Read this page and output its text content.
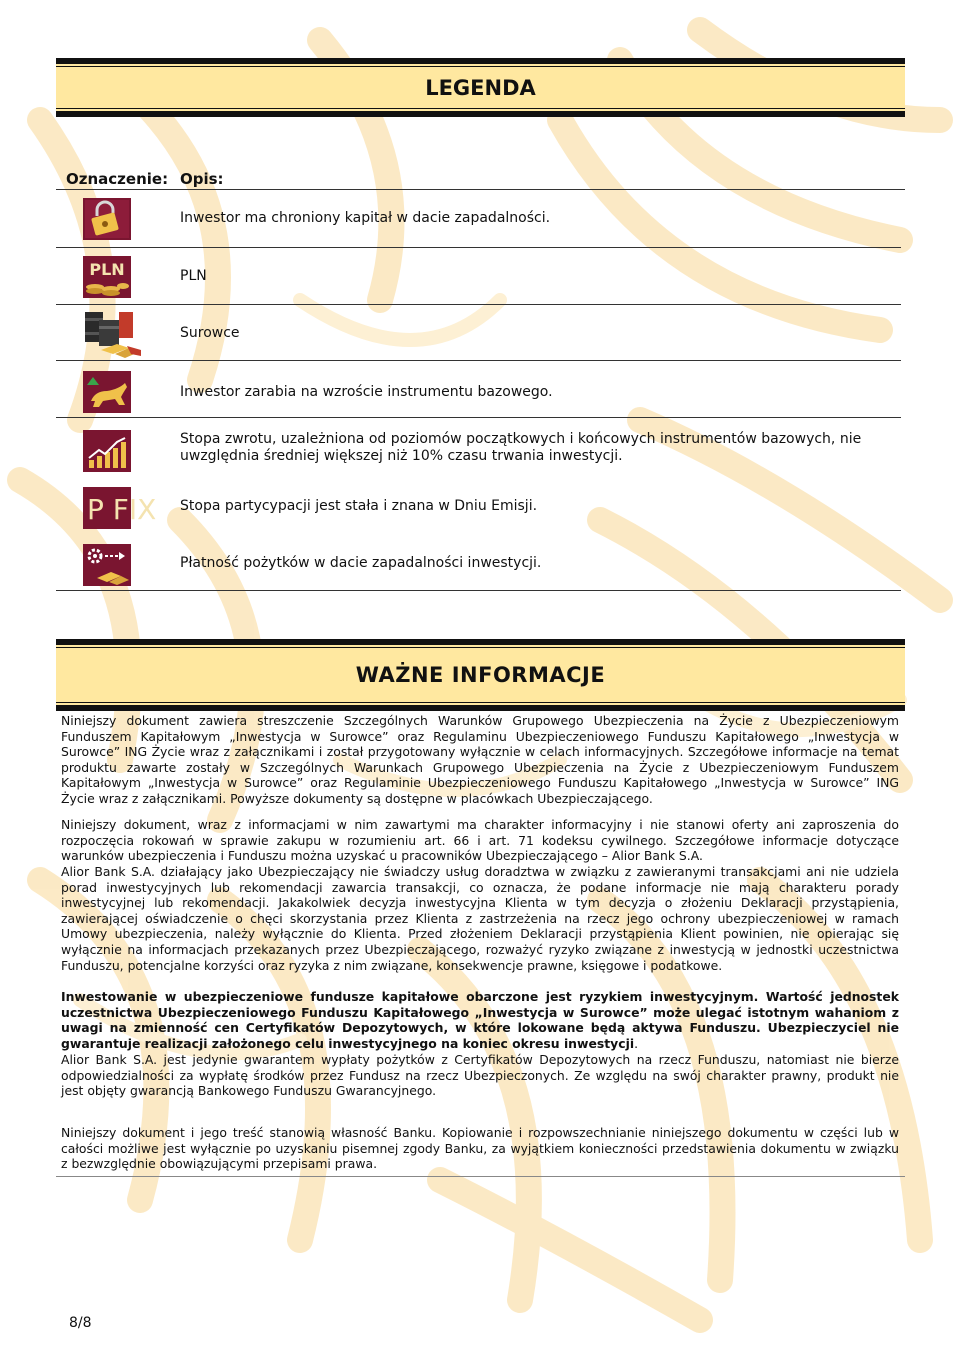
LEGENDA
Oznaczenie: Opis:
Inwestor ma chroniony kapitał w dacie zapadalności.
PLN	PLN
Surowce
Inwestor zarabia na wzroście instrumentu bazowego.
Stopa zwrotu, uzależniona od poziomów początkowych i końcowych instrumentów bazowych, nie uwzględnia średniej większej niż 10% czasu trwania inwestycji.
P FIX Stopa partycypacji jest stała i znana w Dniu Emisji.
Płatność pożytków w dacie zapadalności inwestycji.
WAŻNE INFORMACJE

Niniejszy dokument zawiera streszczenie Szczególnych Warunków Grupowego Ubezpieczenia na Życie z Ubezpieczeniowym Funduszem Kapitałowym „Inwestycja w Surowce” oraz Regulaminu Ubezpieczeniowego Funduszu Kapitałowego „Inwestycja w Surowce” ING Życie wraz z załącznikami i został przygotowany wyłącznie w celach informacyjnych. Szczegółowe informacje na temat produktu zawarte zostały w Szczególnych Warunkach Grupowego Ubezpieczenia na Życie z Ubezpieczeniowym Funduszem Kapitałowym „Inwestycja w Surowce” oraz Regulaminie Ubezpieczeniowego Funduszu Kapitałowego „Inwestycja w Surowce” ING Życie wraz z załącznikami. Powyższe dokumenty są dostępne w placówkach Ubezpieczającego.

Niniejszy dokument, wraz z informacjami w nim zawartymi ma charakter informacyjny i nie stanowi oferty ani zaproszenia do rozpoczęcia rokowań w sprawie zakupu w rozumieniu art. 66 i art. 71 kodeksu cywilnego. Szczegółowe informacje dotyczące warunków ubezpieczenia i Funduszu można uzyskać u pracowników Ubezpieczającego – Alior Bank S.A.

Alior Bank S.A. działający jako Ubezpieczający nie świadczy usług doradztwa w związku z zawieranymi transakcjami ani nie udziela porad inwestycyjnych lub rekomendacji zawarcia transakcji, co oznacza, że podane informacje nie mają charakteru porady inwestycyjnej lub rekomendacji. Jakakolwiek decyzja inwestycyjna Klienta w tym decyzja o złożeniu Deklaracji przystąpienia, zawierającej oświadczenie o chęci skorzystania przez Klienta z zastrzeżenia na rzecz jego ochrony ubezpieczeniowej w ramach Umowy ubezpieczenia, należy wyłącznie do Klienta. Przed złożeniem Deklaracji przystąpienia Klient powinien, nie opierając się wyłącznie na informacjach przekazanych przez Ubezpieczającego, rozważyć ryzyko związane z inwestycją w jednostki uczestnictwa Funduszu, potencjalne korzyści oraz ryzyka z nim związane, konsekwencje prawne, księgowe i podatkowe.

Inwestowanie w ubezpieczeniowe fundusze kapitałowe obarczone jest ryzykiem inwestycyjnym. Wartość jednostek uczestnictwa Ubezpieczeniowego Funduszu Kapitałowego „Inwestycja w Surowce” może ulegać istotnym wahaniom z uwagi na zmienność cen Certyfikatów Depozytowych, w które lokowane będą aktywa Funduszu. Ubezpieczyciel nie gwarantuje realizacji założonego celu inwestycyjnego na koniec okresu inwestycji.

Alior Bank S.A. jest jedynie gwarantem wypłaty pożytków z Certyfikatów Depozytowych na rzecz Funduszu, natomiast nie bierze odpowiedzialności za wypłatę środków przez Fundusz na rzecz Ubezpieczonych. Ze względu na swój charakter prawny, produkt nie jest objęty gwarancją Bankowego Funduszu Gwarancyjnego.

Niniejszy dokument i jego treść stanowią własność Banku. Kopiowanie i rozpowszechnianie niniejszego dokumentu w części lub w całości możliwe jest wyłącznie po uzyskaniu pisemnej zgody Banku, za wyjątkiem konieczności przedstawienia dokumentu w związku z bezwzględnie obowiązującymi przepisami prawa.

8/8
